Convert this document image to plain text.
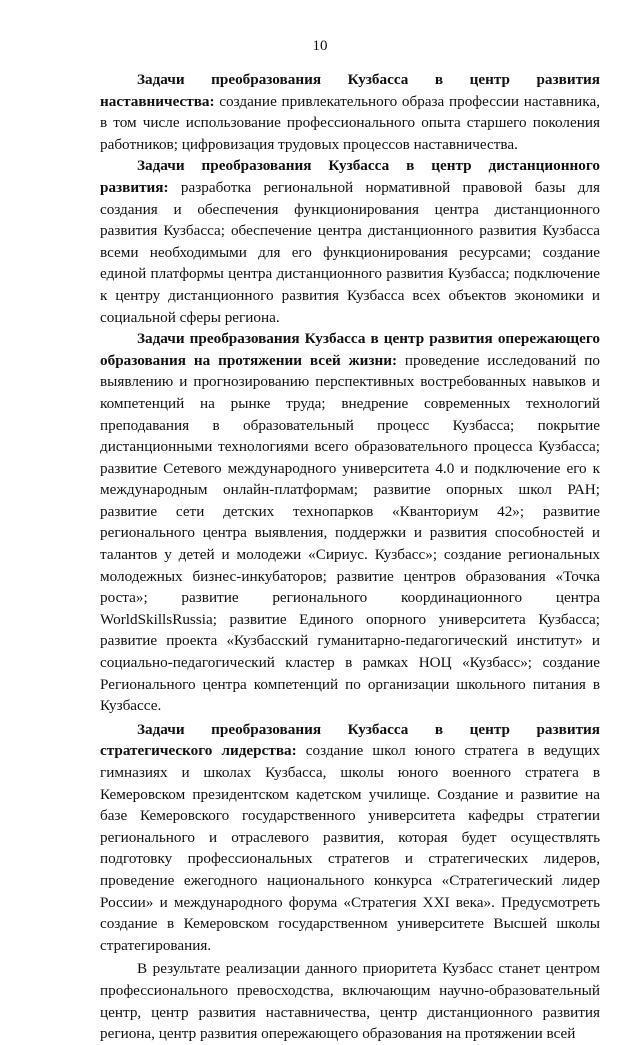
10

Задачи преобразования Кузбасса в центр развития наставничества: создание привлекательного образа профессии наставника, в том числе использование профессионального опыта старшего поколения работников; цифровизация трудовых процессов наставничества.

Задачи преобразования Кузбасса в центр дистанционного развития: разработка региональной нормативной правовой базы для создания и обеспечения функционирования центра дистанционного развития Кузбасса; обеспечение центра дистанционного развития Кузбасса всеми необходимыми для его функционирования ресурсами; создание единой платформы центра дистанционного развития Кузбасса; подключение к центру дистанционного развития Кузбасса всех объектов экономики и социальной сферы региона.

Задачи преобразования Кузбасса в центр развития опережающего образования на протяжении всей жизни: проведение исследований по выявлению и прогнозированию перспективных востребованных навыков и компетенций на рынке труда; внедрение современных технологий преподавания в образовательный процесс Кузбасса; покрытие дистанционными технологиями всего образовательного процесса Кузбасса; развитие Сетевого международного университета 4.0 и подключение его к международным онлайн-платформам; развитие опорных школ РАН; развитие сети детских технопарков «Кванториум 42»; развитие регионального центра выявления, поддержки и развития способностей и талантов у детей и молодежи «Сириус. Кузбасс»; создание региональных молодежных бизнес-инкубаторов; развитие центров образования «Точка роста»; развитие регионального координационного центра WorldSkillsRussia; развитие Единого опорного университета Кузбасса; развитие проекта «Кузбасский гуманитарно-педагогический институт» и социально-педагогический кластер в рамках НОЦ «Кузбасс»; создание Регионального центра компетенций по организации школьного питания в Кузбассе.

Задачи преобразования Кузбасса в центр развития стратегического лидерства: создание школ юного стратега в ведущих гимназиях и школах Кузбасса, школы юного военного стратега в Кемеровском президентском кадетском училище. Создание и развитие на базе Кемеровского государственного университета кафедры стратегии регионального и отраслевого развития, которая будет осуществлять подготовку профессиональных стратегов и стратегических лидеров, проведение ежегодного национального конкурса «Стратегический лидер России» и международного форума «Стратегия XXI века». Предусмотреть создание в Кемеровском государственном университете Высшей школы стратегирования.

В результате реализации данного приоритета Кузбасс станет центром профессионального превосходства, включающим научно-образовательный центр, центр развития наставничества, центр дистанционного развития региона, центр развития опережающего образования на протяжении всей
